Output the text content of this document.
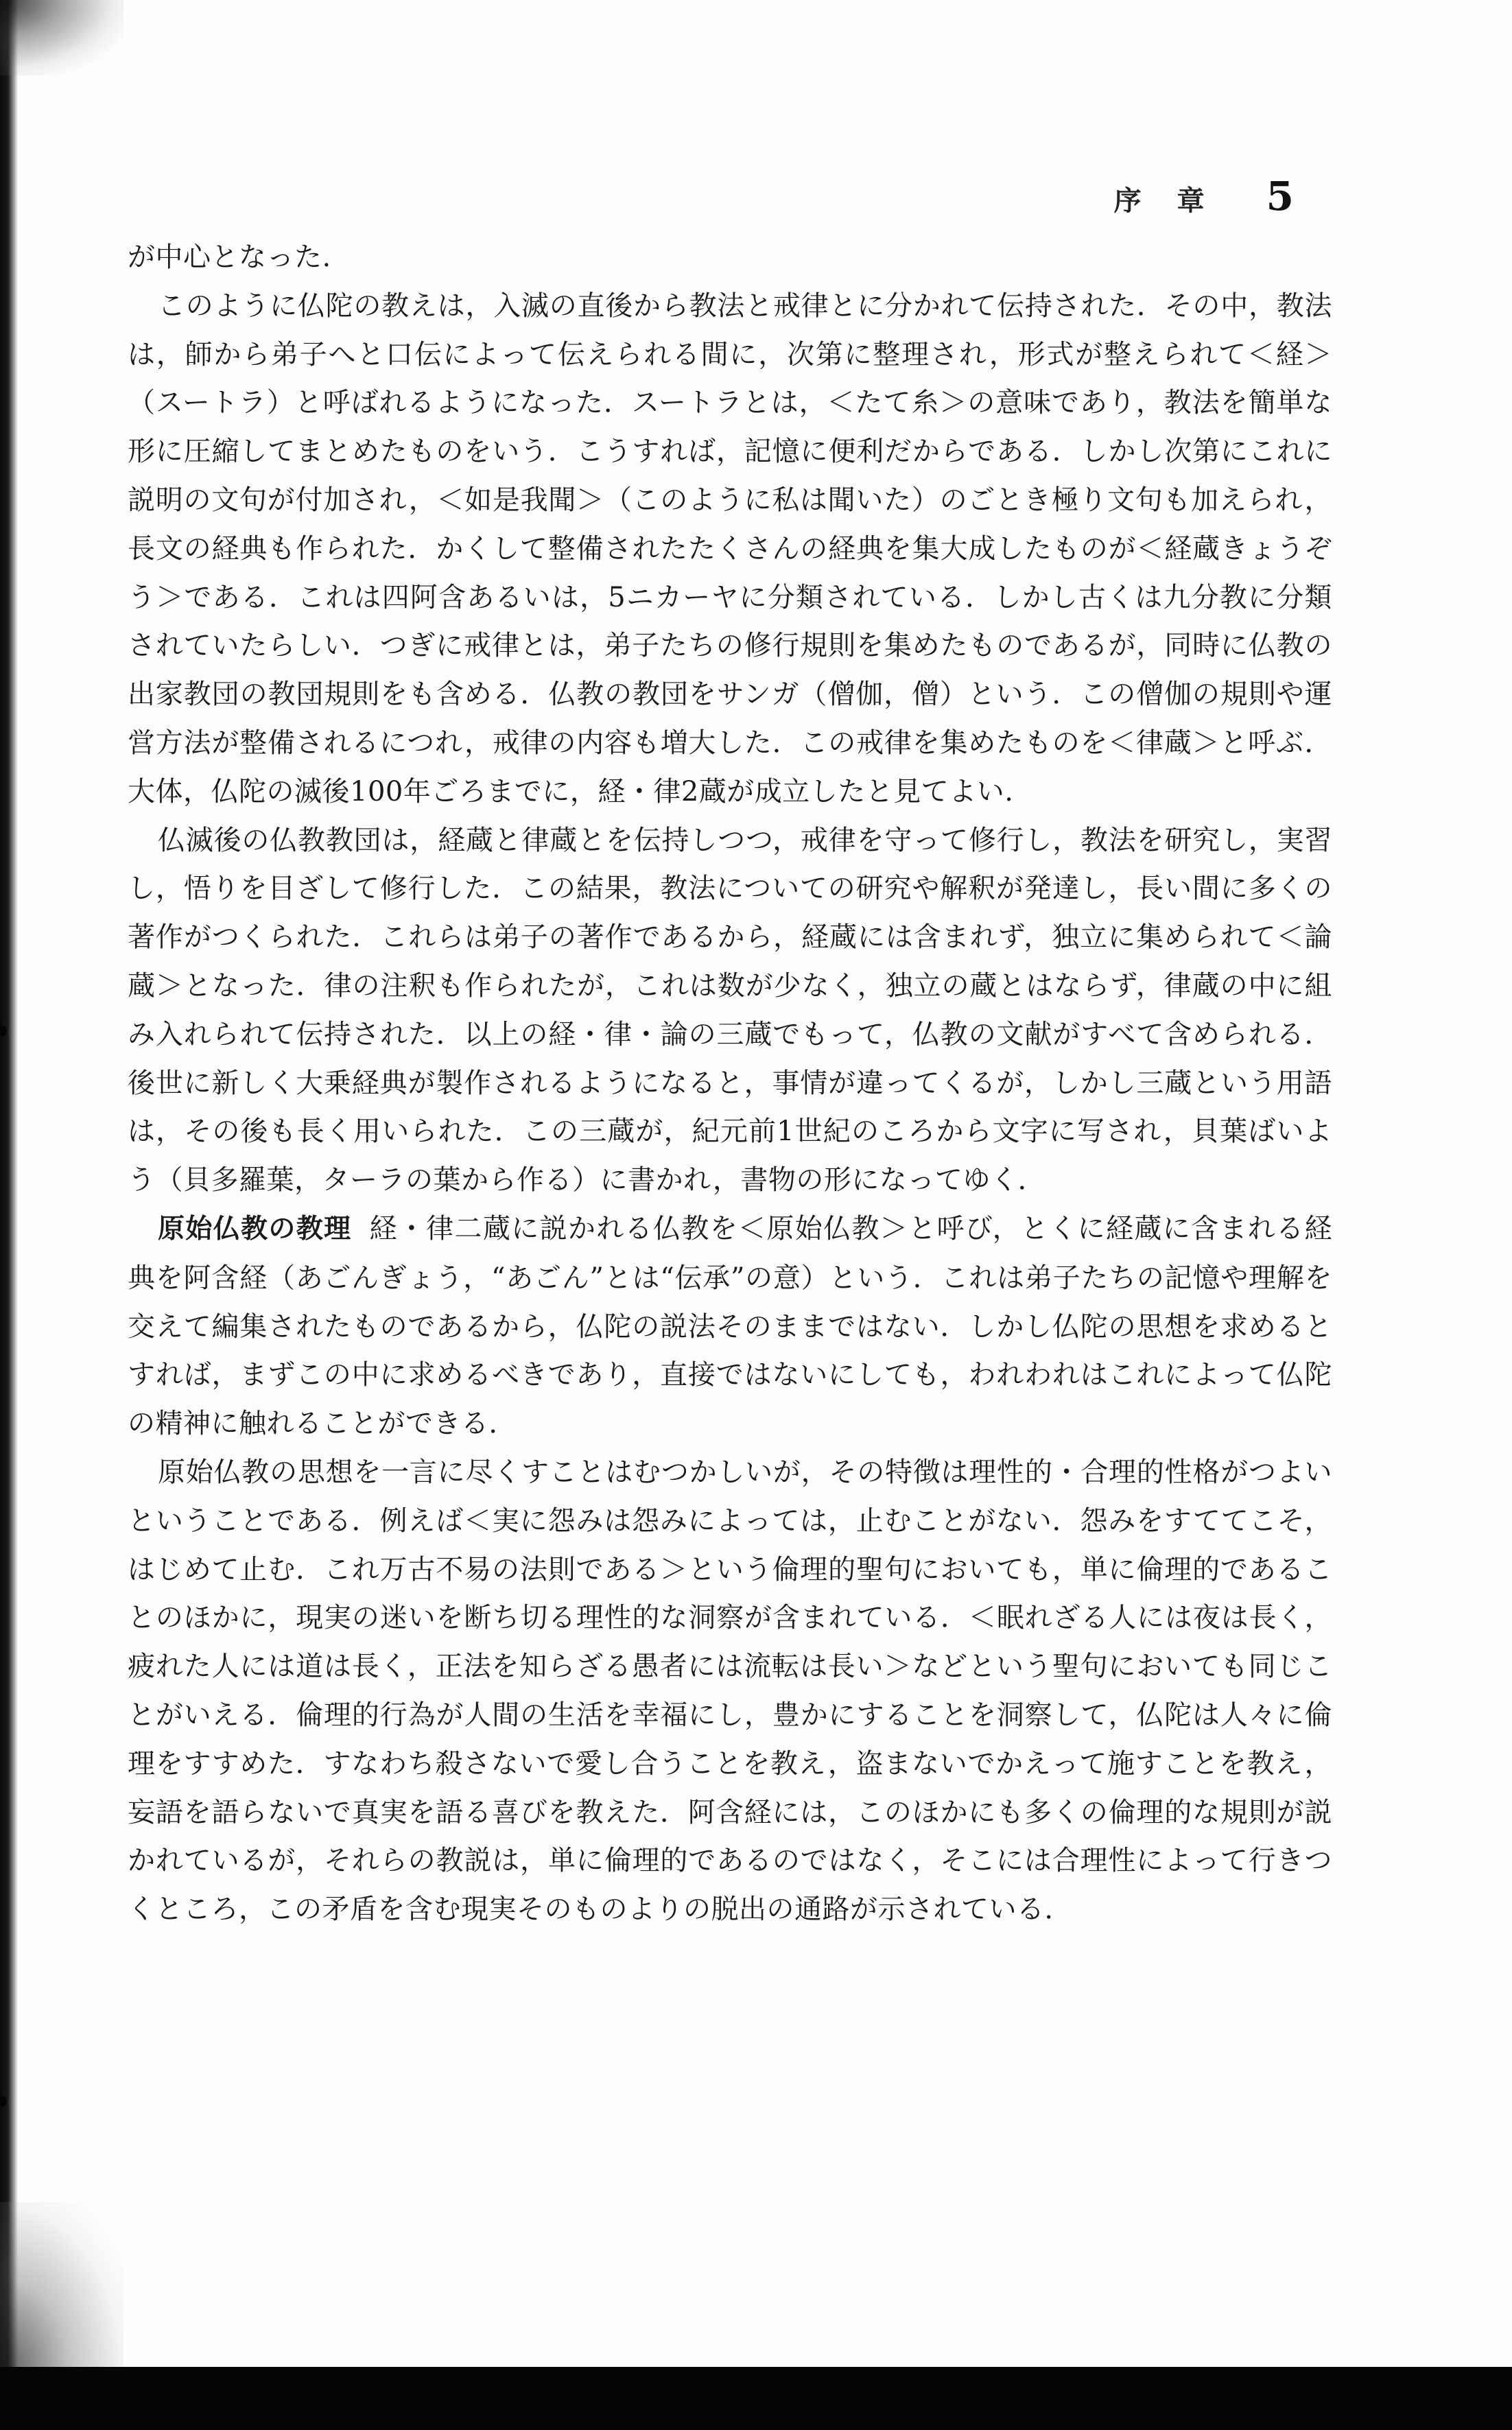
序章 5

が中心となった.

このように仏陀の教えは，入滅の直後から教法と戒律とに分かれて伝持された．その中，教法は，師から弟子へと口伝によって伝えられる間に，次第に整理され，形式が整えられて＜経＞（スートラ）と呼ばれるようになった．スートラとは，＜たて糸＞の意味であり，教法を簡単な形に圧縮してまとめたものをいう．こうすれば，記憶に便利だからである．しかし次第にこれに説明の文句が付加され，＜如是我聞＞（このように私は聞いた）のごとき極り文句も加えられ，長文の経典も作られた．かくして整備されたたくさんの経典を集大成したものが＜経蔵きょうぞう＞である．これは四阿含あるいは，5ニカーヤに分類されている．しかし古くは九分教に分類されていたらしい．つぎに戒律とは，弟子たちの修行規則を集めたものであるが，同時に仏教の出家教団の教団規則をも含める．仏教の教団をサンガ（僧伽，僧）という．この僧伽の規則や運営方法が整備されるにつれ，戒律の内容も増大した．この戒律を集めたものを＜律蔵＞と呼ぶ．大体，仏陀の滅後100年ごろまでに，経・律2蔵が成立したと見てよい.

仏滅後の仏教教団は，経蔵と律蔵とを伝持しつつ，戒律を守って修行し，教法を研究し，実習し，悟りを目ざして修行した．この結果，教法についての研究や解釈が発達し，長い間に多くの著作がつくられた．これらは弟子の著作であるから，経蔵には含まれず，独立に集められて＜論蔵＞となった．律の注釈も作られたが，これは数が少なく，独立の蔵とはならず，律蔵の中に組み入れられて伝持された．以上の経・律・論の三蔵でもって，仏教の文献がすべて含められる．後世に新しく大乗経典が製作されるようになると，事情が違ってくるが，しかし三蔵という用語は，その後も長く用いられた．この三蔵が，紀元前1世紀のころから文字に写され，貝葉ばいよう（貝多羅葉，ターラの葉から作る）に書かれ，書物の形になってゆく．

原始仏教の教理 経・律二蔵に説かれる仏教を＜原始仏教＞と呼び，とくに経蔵に含まれる経典を阿含経（あごんぎょう，“あごん”とは“伝承”の意）という．これは弟子たちの記憶や理解を交えて編集されたものであるから，仏陀の説法そのままではない．しかし仏陀の思想を求めるとすれば，まずこの中に求めるべきであり，直接ではないにしても，われわれはこれによって仏陀の精神に触れることができる．

原始仏教の思想を一言に尽くすことはむつかしいが，その特徴は理性的・合理的性格がつよいということである．例えば＜実に怨みは怨みによっては，止むことがない．怨みをすててこそ，はじめて止む．これ万古不易の法則である＞という倫理的聖句においても，単に倫理的であることのほかに，現実の迷いを断ち切る理性的な洞察が含まれている．＜眠れざる人には夜は長く，疲れた人には道は長く，正法を知らざる愚者には流転は長い＞などという聖句においても同じことがいえる．倫理的行為が人間の生活を幸福にし，豊かにすることを洞察して，仏陀は人々に倫理をすすめた．すなわち殺さないで愛し合うことを教え，盗まないでかえって施すことを教え，妄語を語らないで真実を語る喜びを教えた．阿含経には，このほかにも多くの倫理的な規則が説かれているが，それらの教説は，単に倫理的であるのではなく，そこには合理性によって行きつくところ，この矛盾を含む現実そのものよりの脱出の通路が示されている．
